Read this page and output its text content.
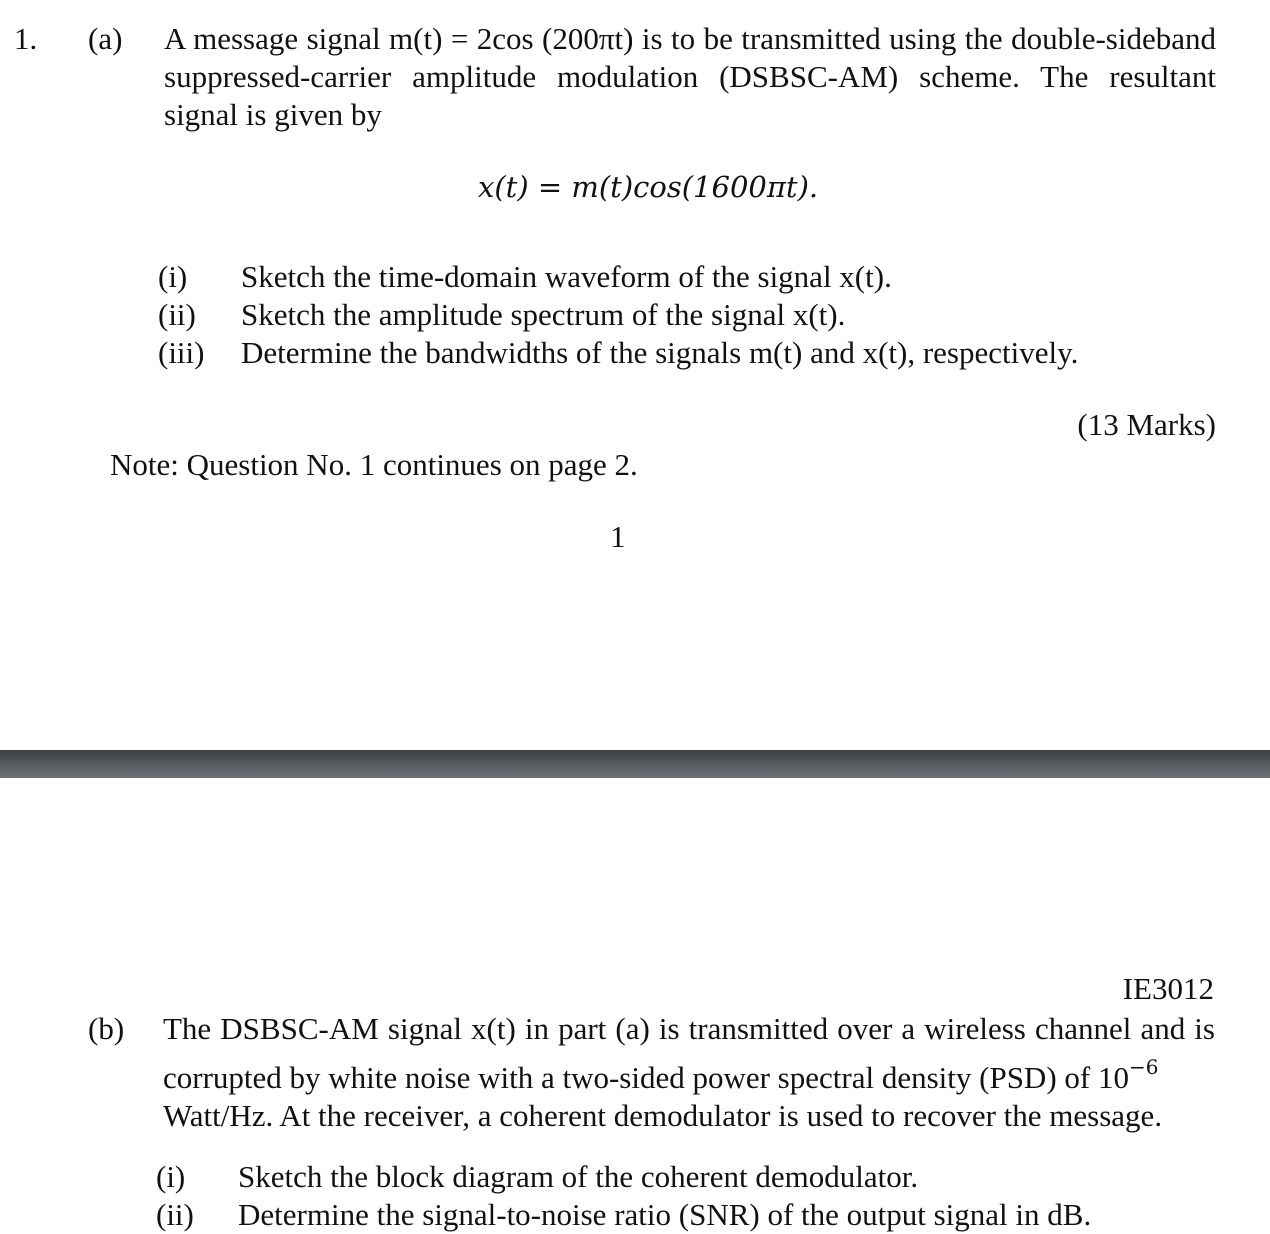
1. (a) A message signal m(t) = 2cos (200πt) is to be transmitted using the double-sideband suppressed-carrier amplitude modulation (DSBSC-AM) scheme. The resultant signal is given by
x(t) = m(t)cos(1600πt).
(i) Sketch the time-domain waveform of the signal x(t).
(ii) Sketch the amplitude spectrum of the signal x(t).
(iii) Determine the bandwidths of the signals m(t) and x(t), respectively.
(13 Marks)
Note: Question No. 1 continues on page 2.
1
IE3012
(b) The DSBSC-AM signal x(t) in part (a) is transmitted over a wireless channel and is corrupted by white noise with a two-sided power spectral density (PSD) of $10^{-6}$
Watt/Hz. At the receiver, a coherent demodulator is used to recover the message.
(i) Sketch the block diagram of the coherent demodulator.
(ii) Determine the signal-to-noise ratio (SNR) of the output signal in dB.
